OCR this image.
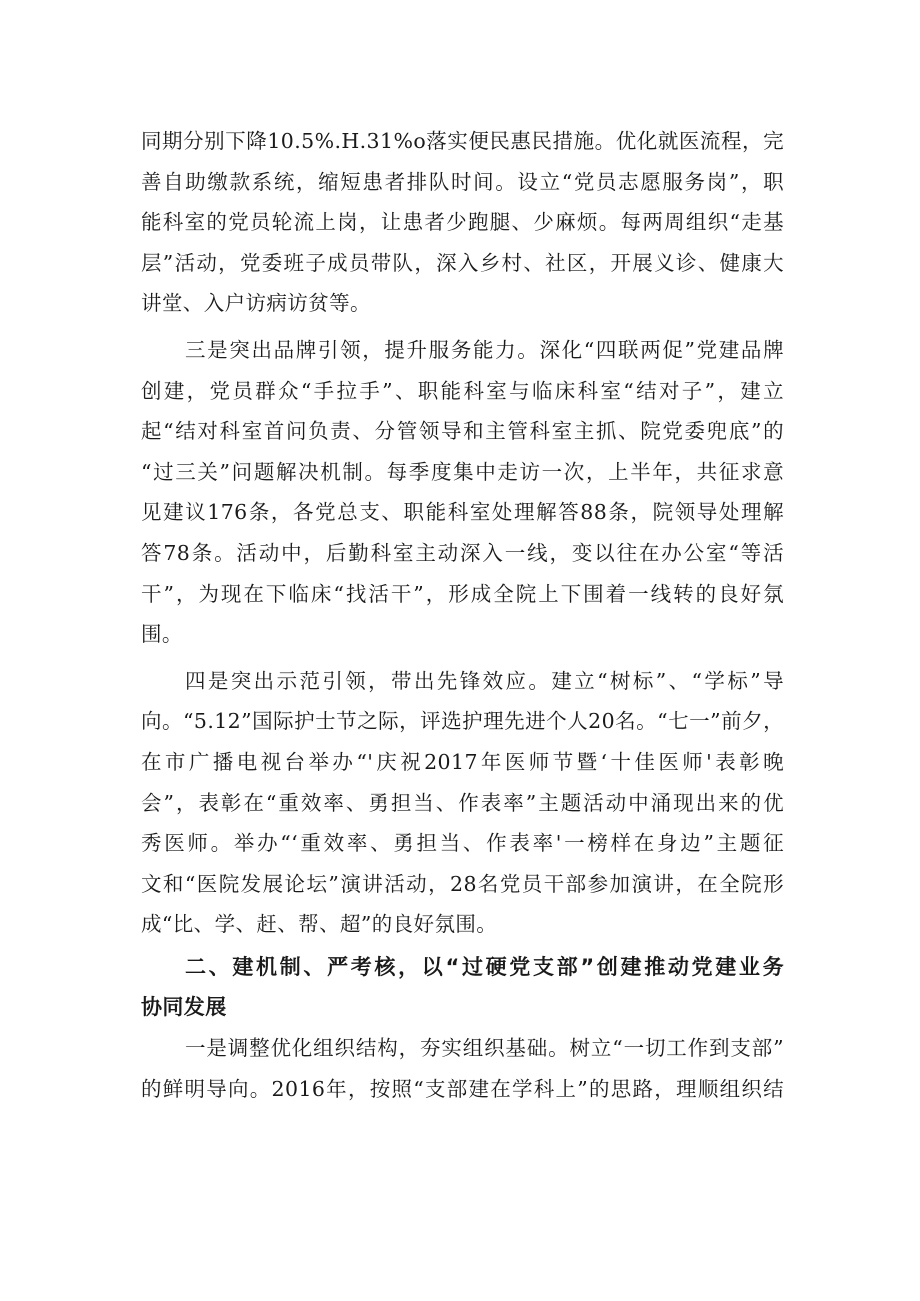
同期分别下降10.5%.H.31%o落实便民惠民措施。优化就医流程，完
善自助缴款系统，缩短患者排队时间。设立“党员志愿服务岗”，职
能科室的党员轮流上岗，让患者少跑腿、少麻烦。每两周组织“走基
层”活动，党委班子成员带队，深入乡村、社区，开展义诊、健康大
讲堂、入户访病访贫等。
三是突出品牌引领，提升服务能力。深化“四联两促”党建品牌
创建，党员群众“手拉手”、职能科室与临床科室“结对子”，建立
起“结对科室首问负责、分管领导和主管科室主抓、院党委兜底”的
“过三关”问题解决机制。每季度集中走访一次，上半年，共征求意
见建议176条，各党总支、职能科室处理解答88条，院领导处理解
答78条。活动中，后勤科室主动深入一线，变以往在办公室“等活
干”，为现在下临床“找活干”，形成全院上下围着一线转的良好氛
围。
四是突出示范引领，带出先锋效应。建立“树标”、“学标”导
向。“5.12”国际护士节之际，评选护理先进个人20名。“七一”前夕，
在市广播电视台举办“'庆祝2017年医师节暨‘十佳医师'表彰晚
会”，表彰在“重效率、勇担当、作表率”主题活动中涌现出来的优
秀医师。举办“‘重效率、勇担当、作表率'一榜样在身边”主题征
文和“医院发展论坛”演讲活动，28名党员干部参加演讲，在全院形
成“比、学、赶、帮、超”的良好氛围。
二、建机制、严考核，以“过硬党支部”创建推动党建业务
协同发展
一是调整优化组织结构，夯实组织基础。树立“一切工作到支部”
的鲜明导向。2016年，按照“支部建在学科上”的思路，理顺组织结
